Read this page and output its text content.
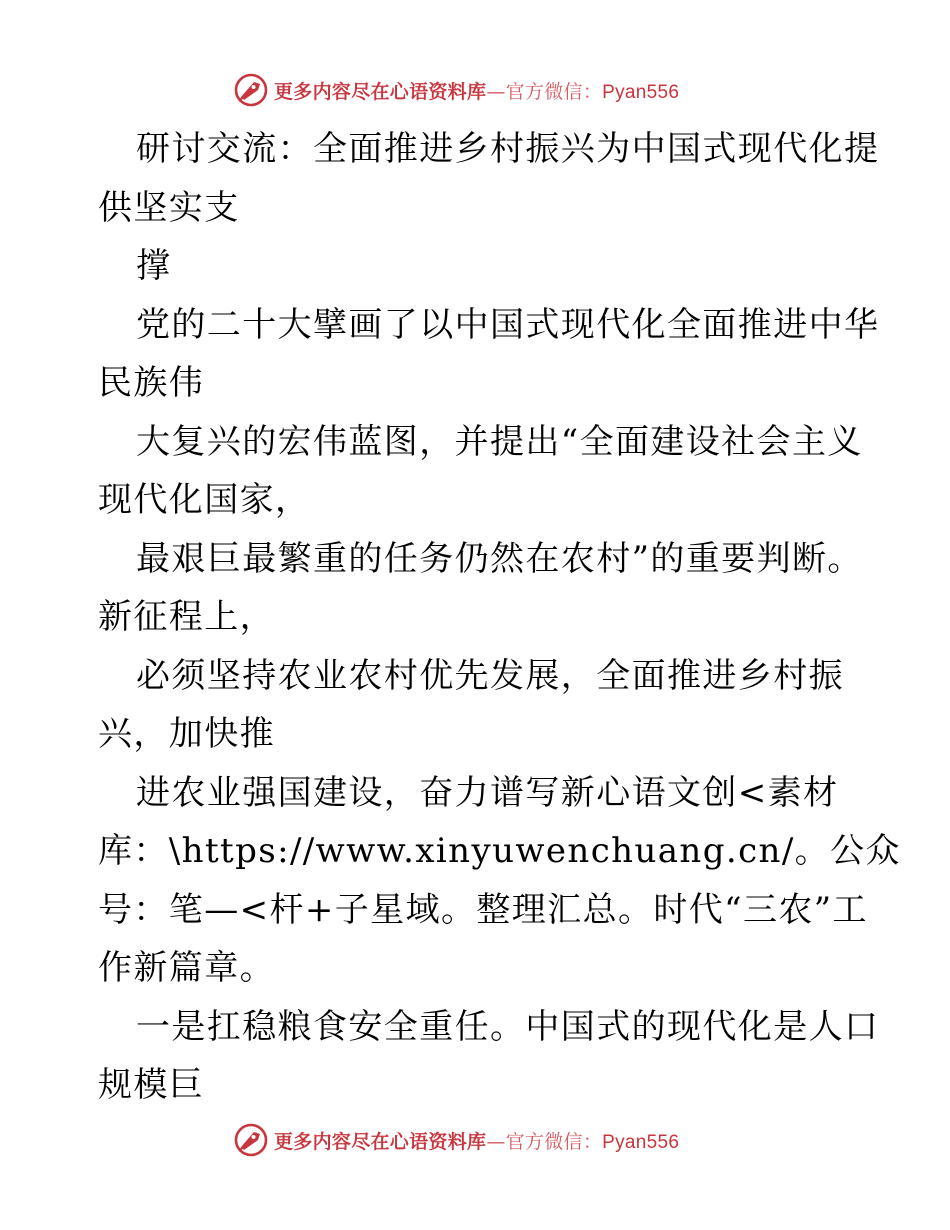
更多内容尽在心语资料库—官方微信：Pyan556
研讨交流：全面推进乡村振兴为中国式现代化提
供坚实支
撑
党的二十大擘画了以中国式现代化全面推进中华
民族伟
大复兴的宏伟蓝图，并提出“全面建设社会主义
现代化国家，
最艰巨最繁重的任务仍然在农村”的重要判断。
新征程上，
必须坚持农业农村优先发展，全面推进乡村振
兴，加快推
进农业强国建设，奋力谱写新心语文创<素材
库：\https://www.xinyuwenchuang.cn/。公众
号：笔—<杆+子星域。整理汇总。时代“三农”工
作新篇章。
一是扛稳粮食安全重任。中国式的现代化是人口
规模巨
更多内容尽在心语资料库—官方微信：Pyan556
